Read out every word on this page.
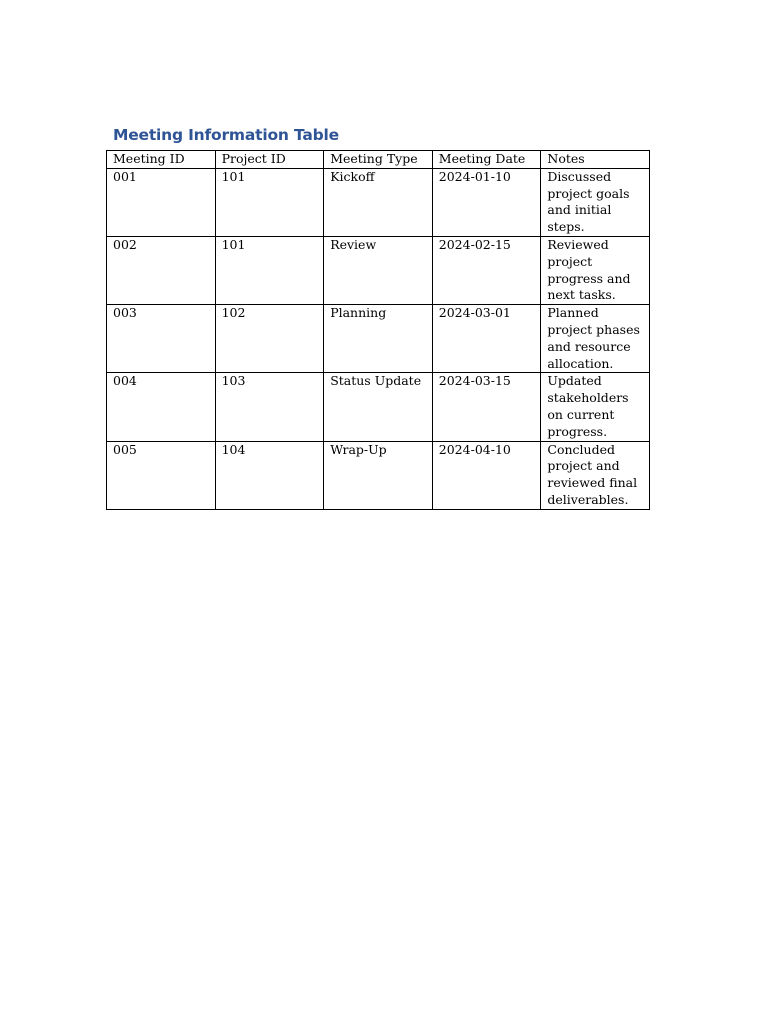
Meeting Information Table
Meeting ID	Project ID	Meeting Type	Meeting Date	Notes
001	101	Kickoff	2024-01-10	Discussed project goals and initial steps.
002	101	Review	2024-02-15	Reviewed project progress and next tasks.
003	102	Planning	2024-03-01	Planned project phases and resource allocation.
004	103	Status Update	2024-03-15	Updated stakeholders on current progress.
005	104	Wrap-Up	2024-04-10	Concluded project and reviewed final deliverables.
